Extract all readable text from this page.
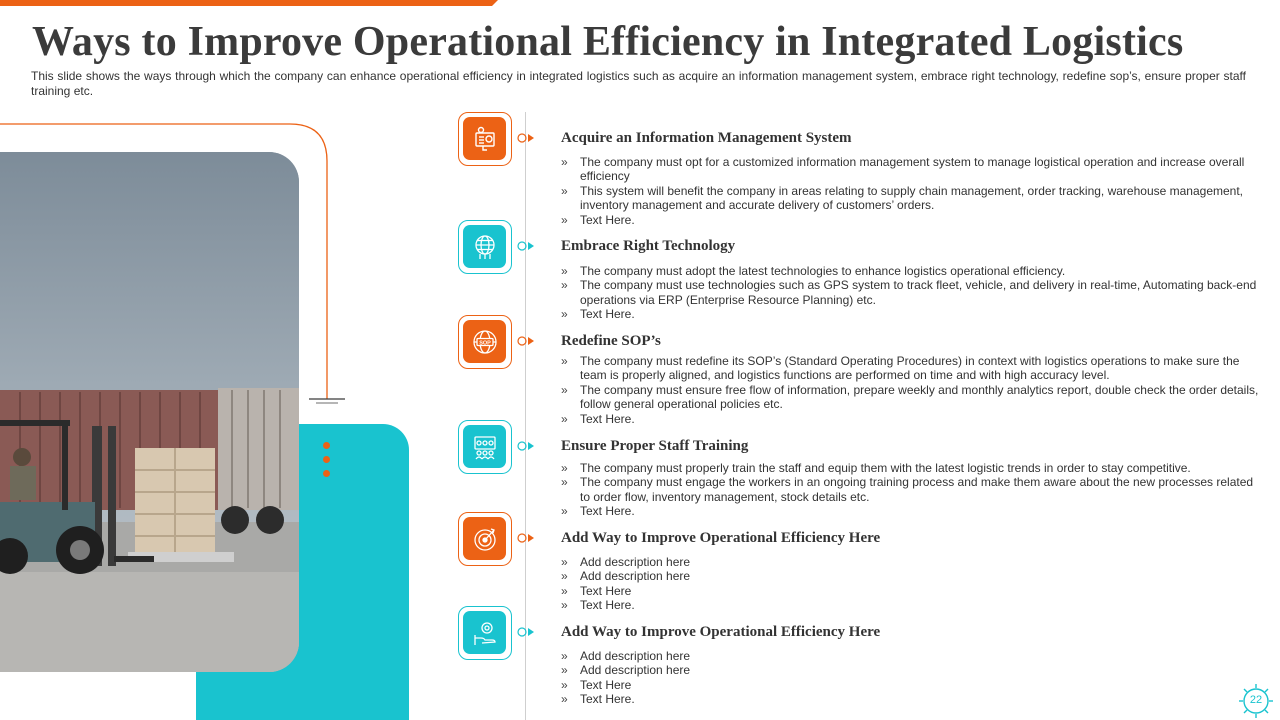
Ways to Improve Operational Efficiency in Integrated Logistics

This slide shows the ways through which the company can enhance operational efficiency in integrated logistics such as acquire an information management system, embrace right technology, redefine sop’s, ensure proper staff training etc.

Acquire an Information Management System
» The company must opt for a customized information management system to manage logistical operation and increase overall efficiency
» This system will benefit the company in areas relating to supply chain management, order tracking, warehouse management, inventory management and accurate delivery of customers’ orders.
» Text Here.
Embrace Right Technology
» The company must adopt the latest technologies to enhance logistics operational efficiency.
» The company must use technologies such as GPS system to track fleet, vehicle, and delivery in real-time, Automating back-end operations via ERP (Enterprise Resource Planning) etc.
» Text Here.
SOP	Redefine SOP’s
» The company must redefine its SOP’s (Standard Operating Procedures) in context with logistics operations to make sure the team is properly aligned, and logistics functions are performed on time and with high accuracy level.
» The company must ensure free flow of information, prepare weekly and monthly analytics report, double check the order details, follow general operational policies etc.
» Text Here.
Ensure Proper Staff Training
» The company must properly train the staff and equip them with the latest logistic trends in order to stay competitive.
» The company must engage the workers in an ongoing training process and make them aware about the new processes related to order flow, inventory management, stock details etc.
» Text Here.
Add Way to Improve Operational Efficiency Here
» Add description here
» Add description here
» Text Here
» Text Here.
Add Way to Improve Operational Efficiency Here
» Add description here
» Add description here
» Text Here
» Text Here.	22
